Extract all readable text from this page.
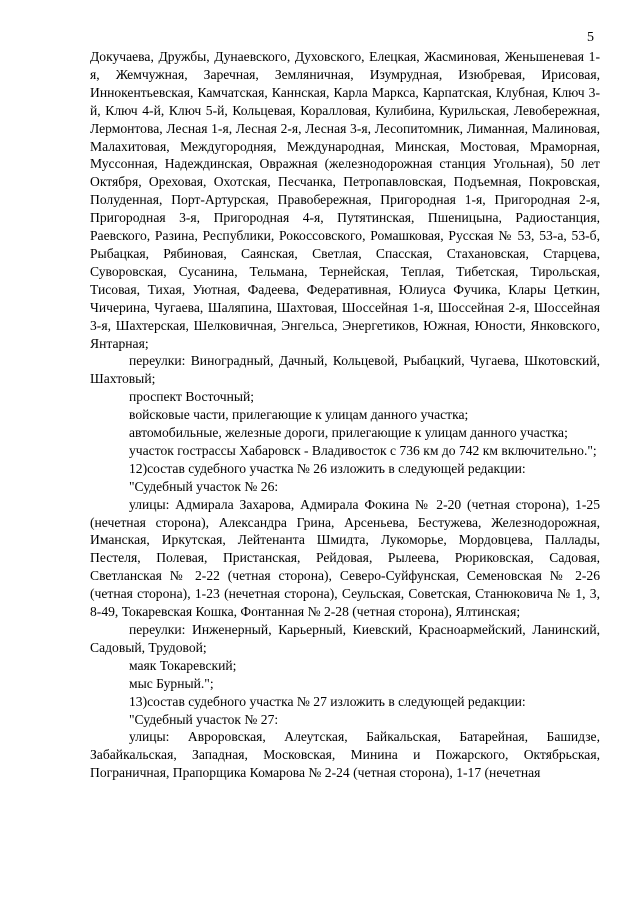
5

Докучаева, Дружбы, Дунаевского, Духовского, Елецкая, Жасминовая, Женьшеневая 1-я, Жемчужная, Заречная, Земляничная, Изумрудная, Изюбревая, Ирисовая, Иннокентьевская, Камчатская, Каннская, Карла Маркса, Карпатская, Клубная, Ключ 3-й, Ключ 4-й, Ключ 5-й, Кольцевая, Коралловая, Кулибина, Курильская, Левобережная, Лермонтова, Лесная 1-я, Лесная 2-я, Лесная 3-я, Лесопитомник, Лиманная, Малиновая, Малахитовая, Междугородняя, Международная, Минская, Мостовая, Мраморная, Муссонная, Надеждинская, Овражная (железнодорожная станция Угольная), 50 лет Октября, Ореховая, Охотская, Песчанка, Петропавловская, Подъемная, Покровская, Полуденная, Порт-Артурская, Правобережная, Пригородная 1-я, Пригородная 2-я, Пригородная 3-я, Пригородная 4-я, Путятинская, Пшеницына, Радиостанция, Раевского, Разина, Республики, Рокоссовского, Ромашковая, Русская № 53, 53-а, 53-б, Рыбацкая, Рябиновая, Саянская, Светлая, Спасская, Стахановская, Старцева, Суворовская, Сусанина, Тельмана, Тернейская, Теплая, Тибетская, Тирольская, Тисовая, Тихая, Уютная, Фадеева, Федеративная, Юлиуса Фучика, Клары Цеткин, Чичерина, Чугаева, Шаляпина, Шахтовая, Шоссейная 1-я, Шоссейная 2-я, Шоссейная 3-я, Шахтерская, Шелковичная, Энгельса, Энергетиков, Южная, Юности, Янковского, Янтарная;

переулки: Виноградный, Дачный, Кольцевой, Рыбацкий, Чугаева, Шкотовский, Шахтовый;

проспект Восточный;

войсковые части, прилегающие к улицам данного участка;

автомобильные, железные дороги, прилегающие к улицам данного участка;

участок гострассы Хабаровск - Владивосток с 736 км до 742 км включительно.";

12)состав судебного участка № 26 изложить в следующей редакции:

"Судебный участок № 26:

улицы: Адмирала Захарова, Адмирала Фокина № 2-20 (четная сторона), 1-25 (нечетная сторона), Александра Грина, Арсеньева, Бестужева, Железнодорожная, Иманская, Иркутская, Лейтенанта Шмидта, Лукоморье, Мордовцева, Паллады, Пестеля, Полевая, Пристанская, Рейдовая, Рылеева, Рюриковская, Садовая, Светланская № 2-22 (четная сторона), Северо-Суйфунская, Семеновская № 2-26 (четная сторона), 1-23 (нечетная сторона), Сеульская, Советская, Станюковича № 1, 3, 8-49, Токаревская Кошка, Фонтанная № 2-28 (четная сторона), Ялтинская;

переулки: Инженерный, Карьерный, Киевский, Красноармейский, Ланинский, Садовый, Трудовой;

маяк Токаревский;

мыс Бурный.";

13)состав судебного участка № 27 изложить в следующей редакции:

"Судебный участок № 27:

улицы: Авроровская, Алеутская, Байкальская, Батарейная, Башидзе, Забайкальская, Западная, Московская, Минина и Пожарского, Октябрьская, Пограничная, Прапорщика Комарова № 2-24 (четная сторона), 1-17 (нечетная
